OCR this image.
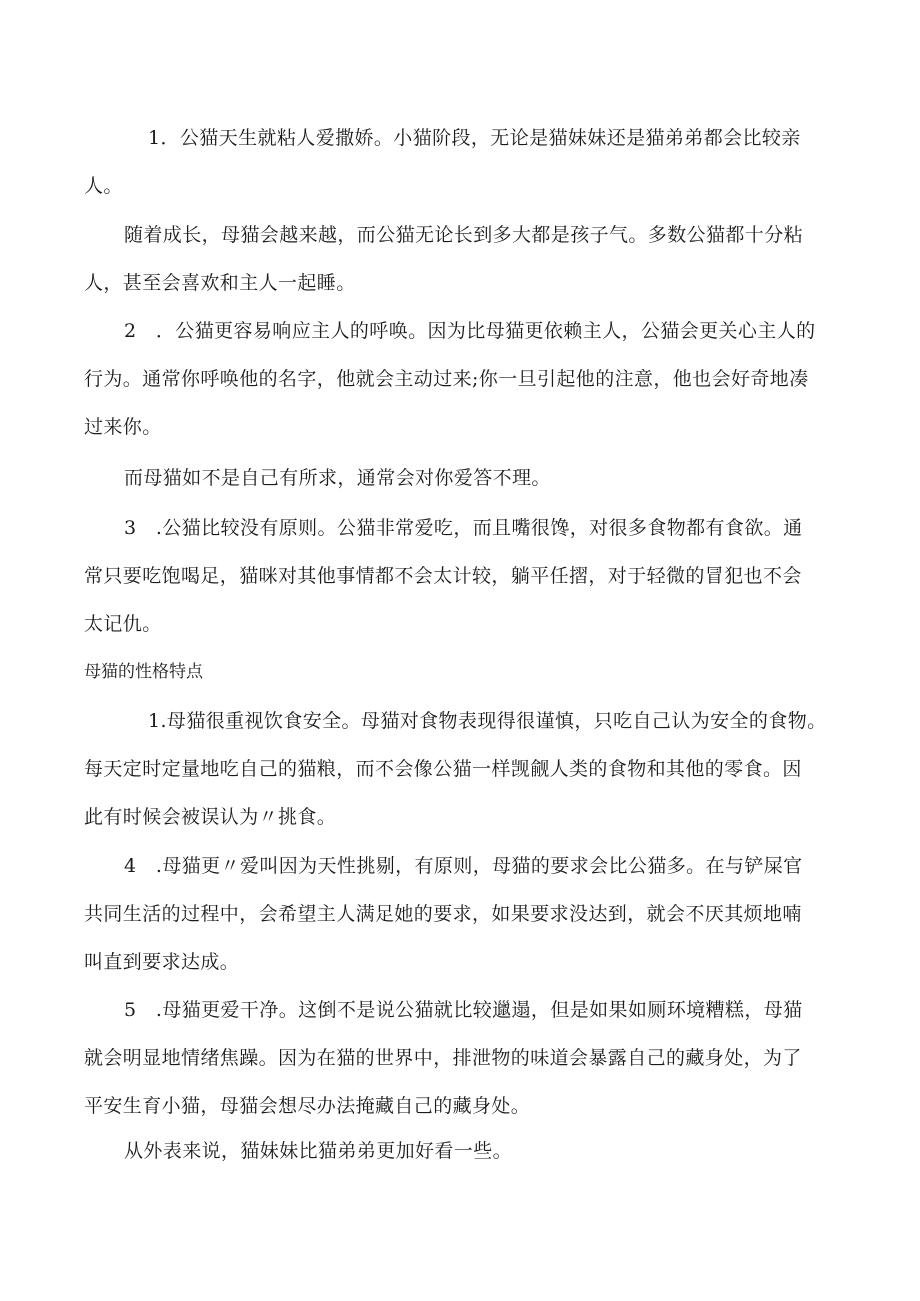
1．公猫天生就粘人爱撒娇。小猫阶段，无论是猫妹妹还是猫弟弟都会比较亲
人。

随着成长，母猫会越来越，而公猫无论长到多大都是孩子气。多数公猫都十分粘
人，甚至会喜欢和主人一起睡。

2　．公猫更容易响应主人的呼唤。因为比母猫更依赖主人，公猫会更关心主人的
行为。通常你呼唤他的名字，他就会主动过来;你一旦引起他的注意，他也会好奇地凑
过来你。

而母猫如不是自己有所求，通常会对你爱答不理。

3　.公猫比较没有原则。公猫非常爱吃，而且嘴很馋，对很多食物都有食欲。通
常只要吃饱喝足，猫咪对其他事情都不会太计较，躺平任摺，对于轻微的冒犯也不会
太记仇。

母猫的性格特点

1.母猫很重视饮食安全。母猫对食物表现得很谨慎，只吃自己认为安全的食物。
每天定时定量地吃自己的猫粮，而不会像公猫一样觊觎人类的食物和其他的零食。因
此有时候会被误认为〃挑食。

4　.母猫更〃爱叫因为天性挑剔，有原则，母猫的要求会比公猫多。在与铲屎官
共同生活的过程中，会希望主人满足她的要求，如果要求没达到，就会不厌其烦地喃
叫直到要求达成。

5　.母猫更爱干净。这倒不是说公猫就比较邋遢，但是如果如厕环境糟糕，母猫
就会明显地情绪焦躁。因为在猫的世界中，排泄物的味道会暴露自己的藏身处，为了
平安生育小猫，母猫会想尽办法掩藏自己的藏身处。

从外表来说，猫妹妹比猫弟弟更加好看一些。
